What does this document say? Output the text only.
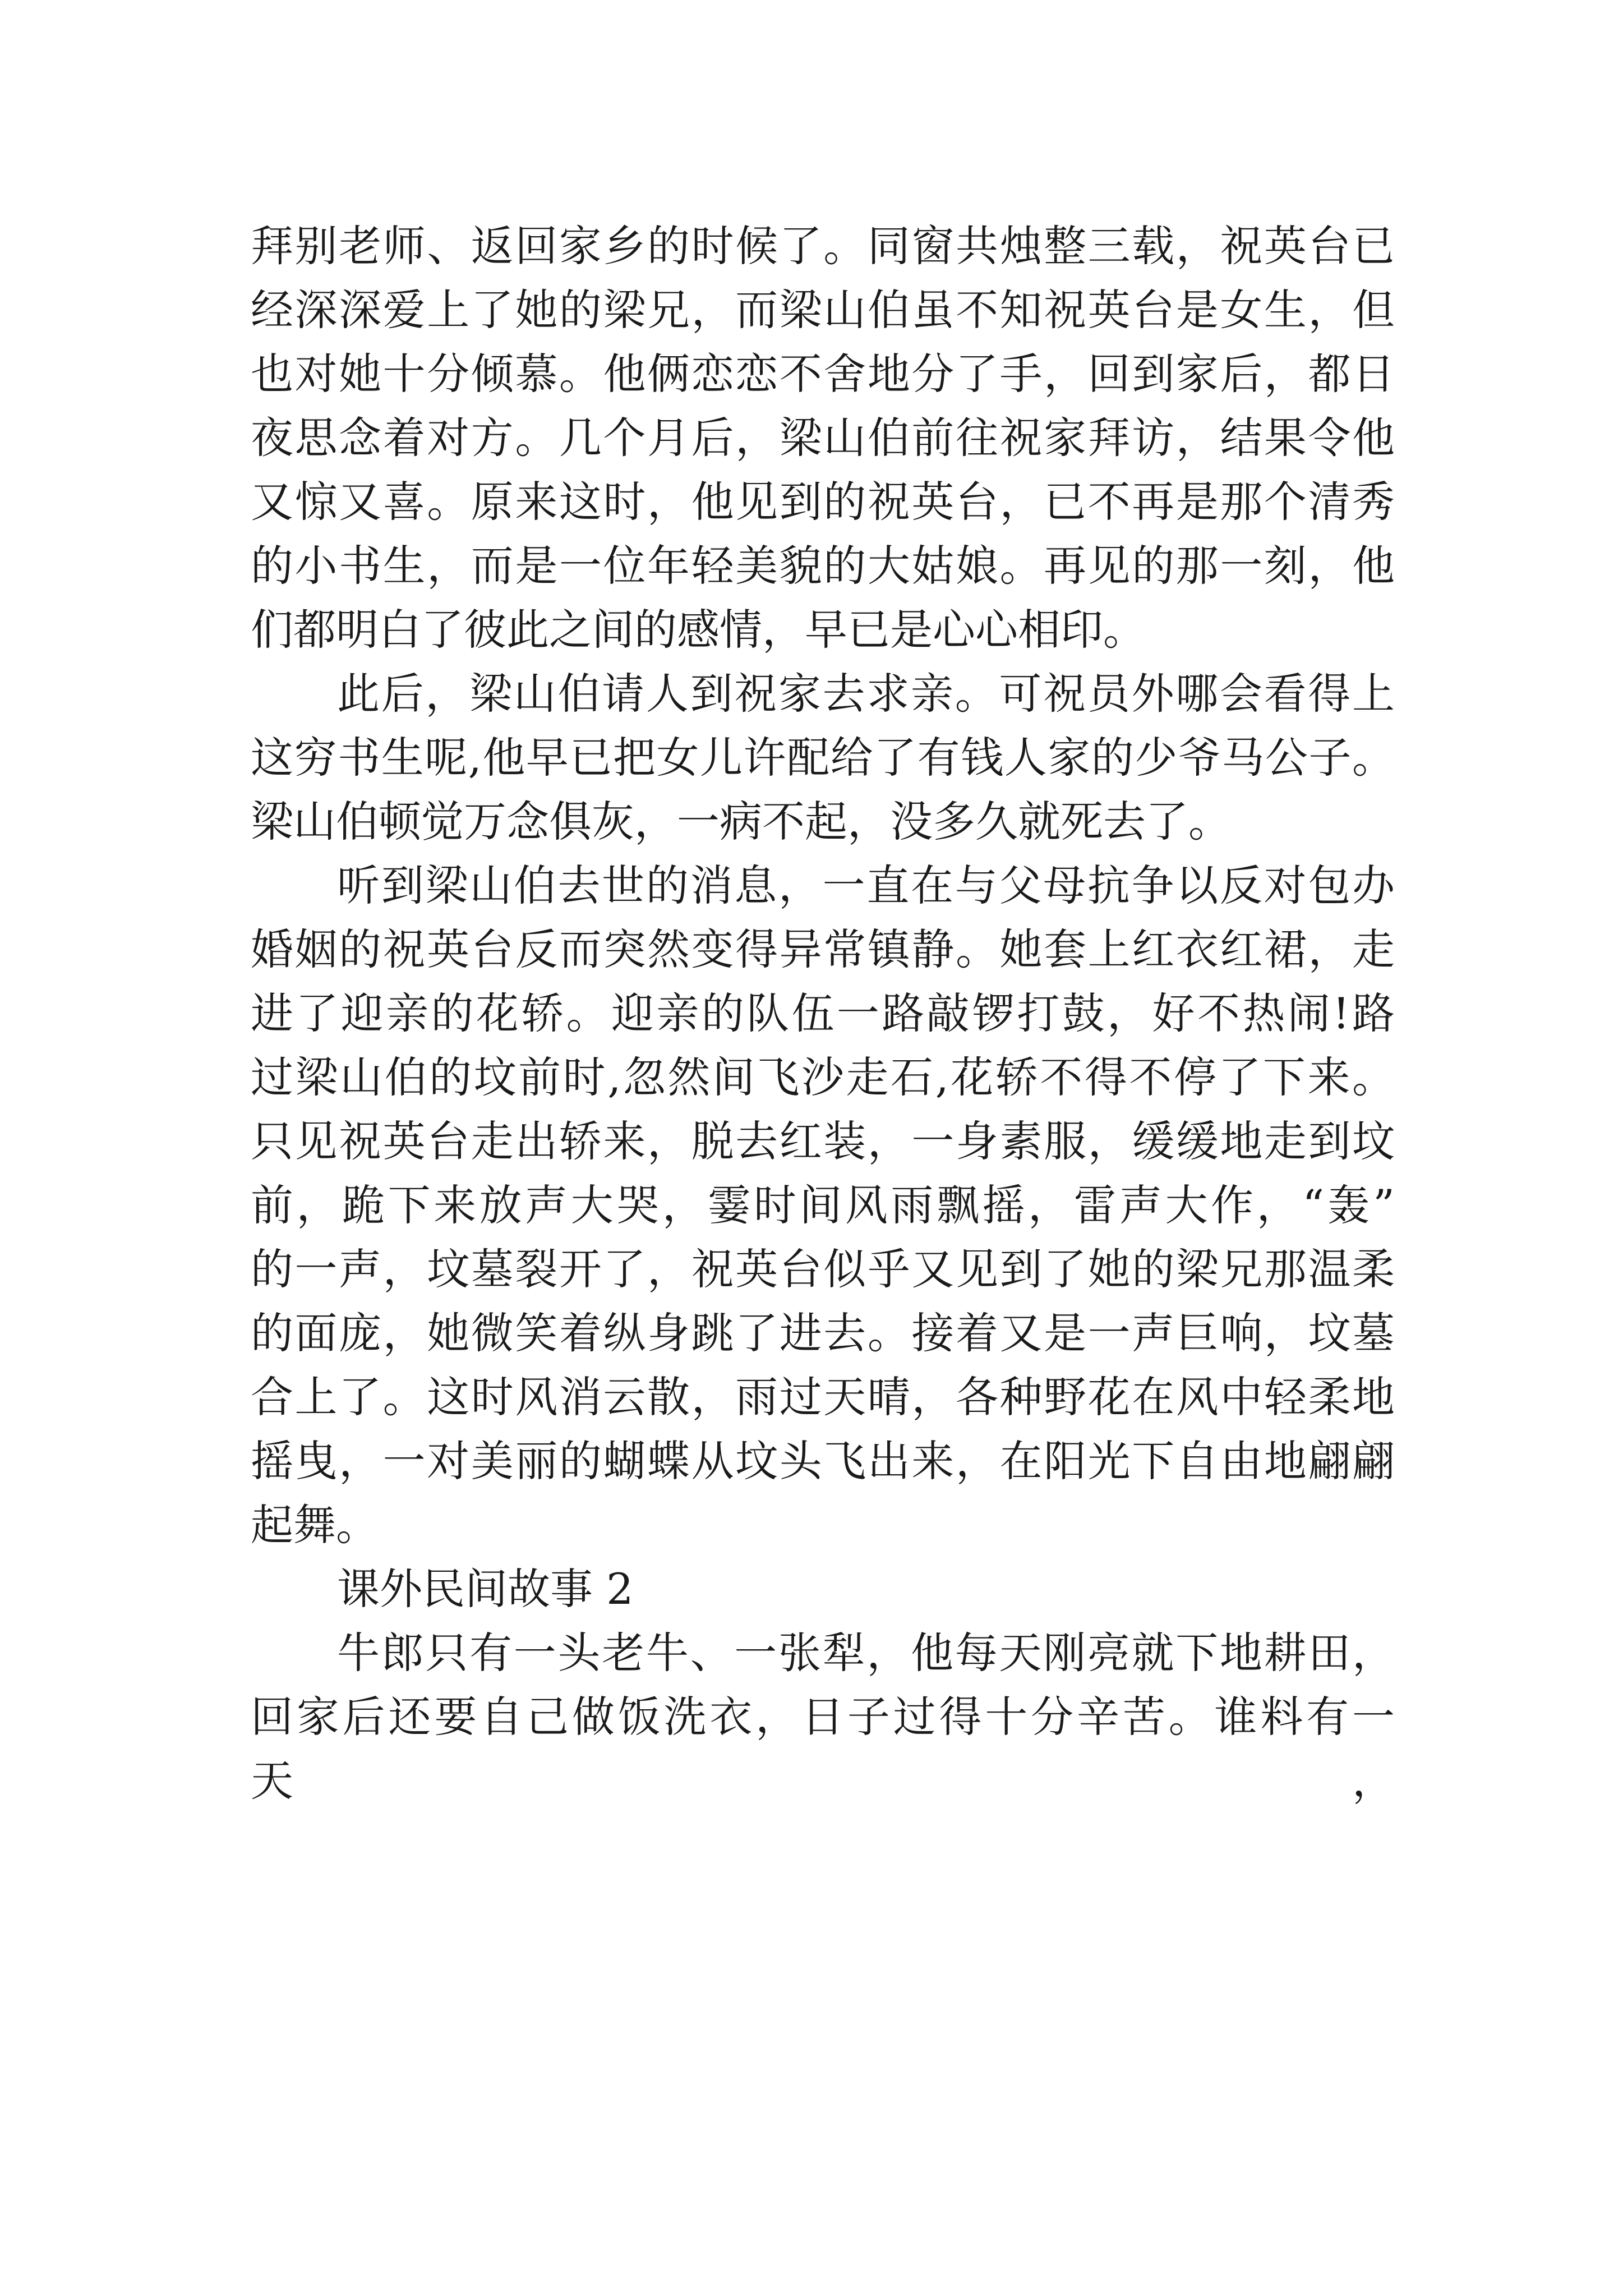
拜别老师、返回家乡的时候了。同窗共烛整三载，祝英台已
经深深爱上了她的梁兄，而梁山伯虽不知祝英台是女生，但
也对她十分倾慕。他俩恋恋不舍地分了手，回到家后，都日
夜思念着对方。几个月后，梁山伯前往祝家拜访，结果令他
又惊又喜。原来这时，他见到的祝英台，已不再是那个清秀
的小书生，而是一位年轻美貌的大姑娘。再见的那一刻，他
们都明白了彼此之间的感情，早已是心心相印。
此后，梁山伯请人到祝家去求亲。可祝员外哪会看得上
这穷书生呢,他早已把女儿许配给了有钱人家的少爷马公子。
梁山伯顿觉万念俱灰，一病不起，没多久就死去了。
听到梁山伯去世的消息，一直在与父母抗争以反对包办
婚姻的祝英台反而突然变得异常镇静。她套上红衣红裙，走
进了迎亲的花轿。迎亲的队伍一路敲锣打鼓，好不热闹!路
过梁山伯的坟前时,忽然间飞沙走石,花轿不得不停了下来。
只见祝英台走出轿来，脱去红装，一身素服，缓缓地走到坟
前，跪下来放声大哭，霎时间风雨飘摇，雷声大作，“轰”
的一声，坟墓裂开了，祝英台似乎又见到了她的梁兄那温柔
的面庞，她微笑着纵身跳了进去。接着又是一声巨响，坟墓
合上了。这时风消云散，雨过天晴，各种野花在风中轻柔地
摇曳，一对美丽的蝴蝶从坟头飞出来，在阳光下自由地翩翩
起舞。
课外民间故事 2
牛郎只有一头老牛、一张犁，他每天刚亮就下地耕田，
回家后还要自己做饭洗衣，日子过得十分辛苦。谁料有一天，
